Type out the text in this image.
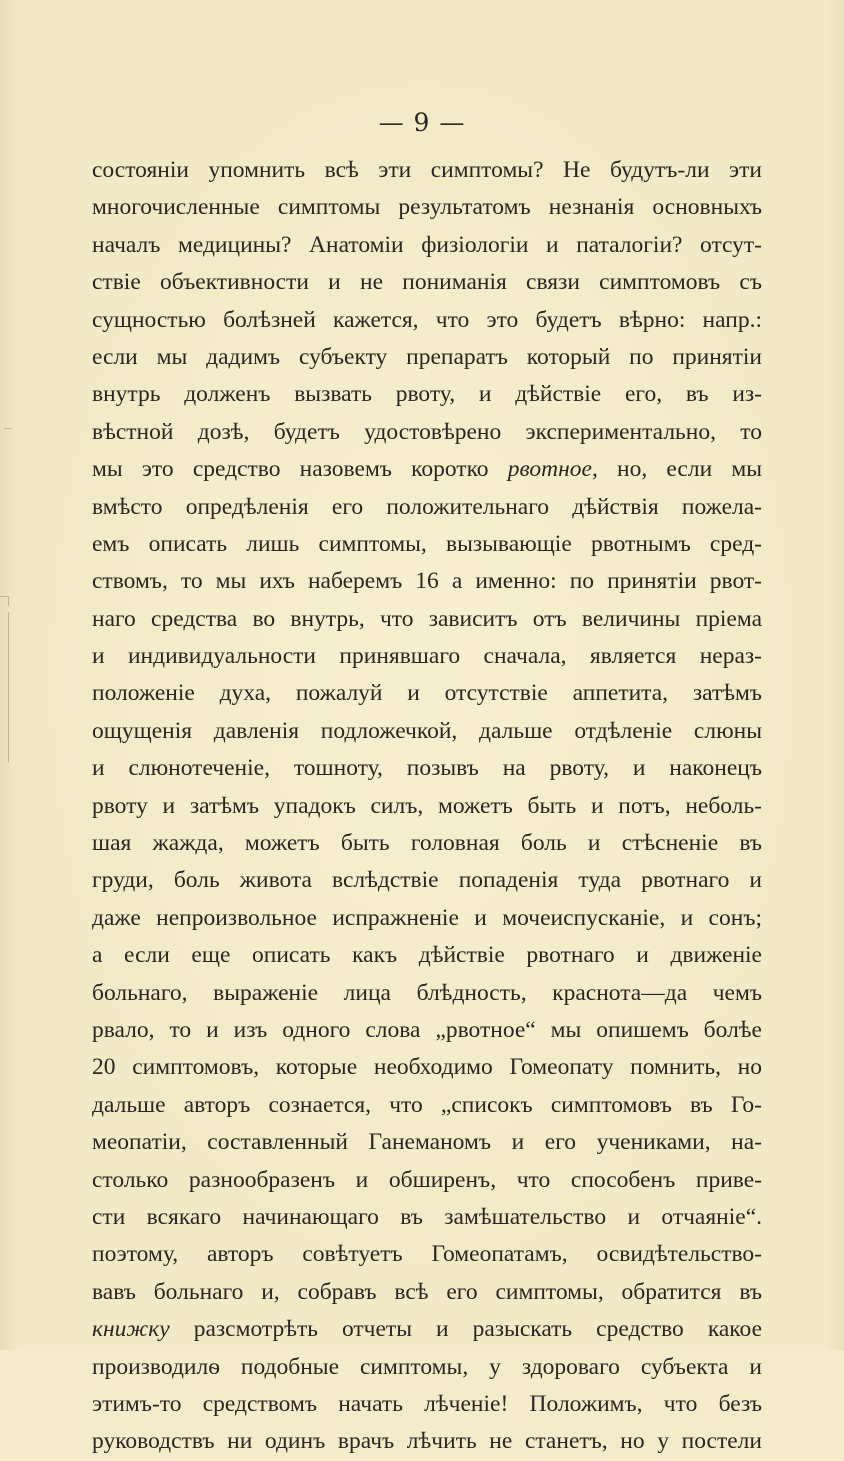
— 9 —
состоянiи упомнить всѣ эти симптомы? Не будутъ-ли эти
многочисленные симптомы результатомъ незнанiя основныхъ
началъ медицины? Анатомiи физiологiи и паталогiи? отсут-
ствiе объективности и не пониманiя связи симптомовъ съ
сущностью болѣзней кажется, что это будетъ вѣрно: напр.:
если мы дадимъ субъекту препаратъ который по принятiи
внутрь долженъ вызвать рвоту, и дѣйствiе его, въ из-
вѣстной дозѣ, будетъ удостовѣрено экспериментально, то
мы это средство назовемъ коротко рвотное, но, если мы
вмѣсто опредѣленiя его положительнаго дѣйствiя пожела-
емъ описать лишь симптомы, вызывающiе рвотнымъ сред-
ствомъ, то мы ихъ наберемъ 16 а именно: по принятiи рвот-
наго средства во внутрь, что зависитъ отъ величины прiема
и индивидуальности принявшаго сначала, является нераз-
положенiе духа, пожалуй и отсутствiе аппетита, затѣмъ
ощущенiя давленiя подложечкой, дальше отдѣленiе слюны
и слюнотеченiе, тошноту, позывъ на рвоту, и наконецъ
рвоту и затѣмъ упадокъ силъ, можетъ быть и потъ, неболь-
шая жажда, можетъ быть головная боль и стѣсненiе въ
груди, боль живота вслѣдствiе попаденiя туда рвотнаго и
даже непроизвольное испражненiе и мочеиспусканiе, и сонъ;
а если еще описать какъ дѣйствiе рвотнаго и движенiе
больнаго, выраженiе лица блѣдность, краснота—да чемъ
рвало, то и изъ одного слова „рвотное“ мы опишемъ болѣе
20 симптомовъ, которые необходимо Гомеопату помнить, но
дальше авторъ сознается, что „списокъ симптомовъ въ Го-
меопатiи, составленный Ганеманомъ и его учениками, на-
столько разнообразенъ и обширенъ, что способенъ приве-
сти всякаго начинающаго въ замѣшательство и отчаянiе“.
поэтому, авторъ совѣтуетъ Гомеопатамъ, освидѣтельство-
вавъ больнаго и, собравъ всѣ его симптомы, обратится въ
книжку разсмотрѣть отчеты и разыскать средство какое
производилѳ подобные симптомы, у здороваго субъекта и
этимъ-то средствомъ начать лѣченiе! Положимъ, что безъ
руководствъ ни одинъ врачъ лѣчить не станетъ, но у постели
